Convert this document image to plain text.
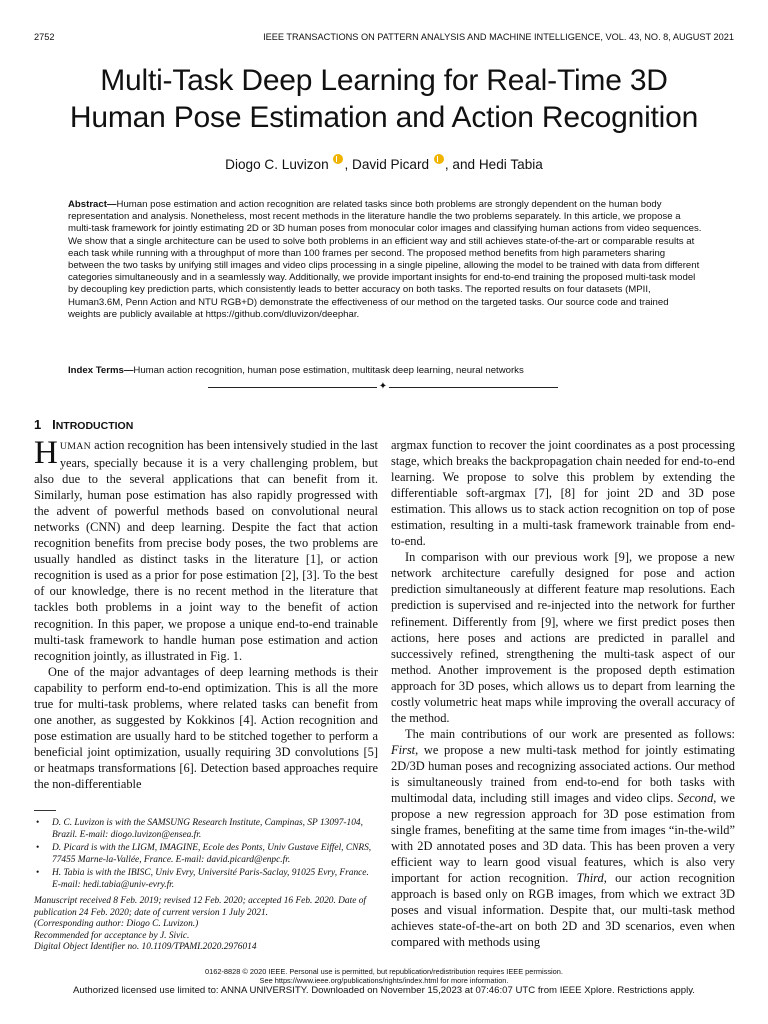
2752	IEEE TRANSACTIONS ON PATTERN ANALYSIS AND MACHINE INTELLIGENCE, VOL. 43, NO. 8, AUGUST 2021
Multi-Task Deep Learning for Real-Time 3D
Human Pose Estimation and Action Recognition
Diogo C. Luvizon , David Picard , and Hedi Tabia

Abstract—Human pose estimation and action recognition are related tasks since both problems are strongly dependent on the human body representation and analysis. Nonetheless, most recent methods in the literature handle the two problems separately. In this article, we propose a multi-task framework for jointly estimating 2D or 3D human poses from monocular color images and classifying human actions from video sequences. We show that a single architecture can be used to solve both problems in an efficient way and still achieves state-of-the-art or comparable results at each task while running with a throughput of more than 100 frames per second. The proposed method benefits from high parameters sharing between the two tasks by unifying still images and video clips processing in a single pipeline, allowing the model to be trained with data from different categories simultaneously and in a seamlessly way. Additionally, we provide important insights for end-to-end training the proposed multi-task model by decoupling key prediction parts, which consistently leads to better accuracy on both tasks. The reported results on four datasets (MPII, Human3.6M, Penn Action and NTU RGB+D) demonstrate the effectiveness of our method on the targeted tasks. Our source code and trained weights are publicly available at https://github.com/dluvizon/deephar.

Index Terms—Human action recognition, human pose estimation, multitask deep learning, neural networks

✦
1 INTRODUCTION

HUMAN action recognition has been intensively studied in the last years, specially because it is a very challenging problem, but also due to the several applications that can benefit from it. Similarly, human pose estimation has also rapidly progressed with the advent of powerful methods based on convolutional neural networks (CNN) and deep learning. Despite the fact that action recognition benefits from precise body poses, the two problems are usually handled as distinct tasks in the literature [1], or action recognition is used as a prior for pose estimation [2], [3]. To the best of our knowledge, there is no recent method in the literature that tackles both problems in a joint way to the benefit of action recognition. In this paper, we propose a unique end-to-end trainable multi-task framework to handle human pose estimation and action recognition jointly, as illustrated in Fig. 1.

One of the major advantages of deep learning methods is their capability to perform end-to-end optimization. This is all the more true for multi-task problems, where related tasks can benefit from one another, as suggested by Kokkinos [4]. Action recognition and pose estimation are usually hard to be stitched together to perform a beneficial joint optimization, usually requiring 3D convolutions [5] or heatmaps transformations [6]. Detection based approaches require the non-differentiable

argmax function to recover the joint coordinates as a post processing stage, which breaks the backpropagation chain needed for end-to-end learning. We propose to solve this problem by extending the differentiable soft-argmax [7], [8] for joint 2D and 3D pose estimation. This allows us to stack action recognition on top of pose estimation, resulting in a multi-task framework trainable from end-to-end.

In comparison with our previous work [9], we propose a new network architecture carefully designed for pose and action prediction simultaneously at different feature map resolutions. Each prediction is supervised and re-injected into the network for further refinement. Differently from [9], where we first predict poses then actions, here poses and actions are predicted in parallel and successively refined, strengthening the multi-task aspect of our method. Another improvement is the proposed depth estimation approach for 3D poses, which allows us to depart from learning the costly volumetric heat maps while improving the overall accuracy of the method.

The main contributions of our work are presented as follows: First, we propose a new multi-task method for jointly estimating 2D/3D human poses and recognizing associated actions. Our method is simultaneously trained from end-to-end for both tasks with multimodal data, including still images and video clips. Second, we propose a new regression approach for 3D pose estimation from single frames, benefiting at the same time from images “in-the-wild” with 2D annotated poses and 3D data. This has been proven a very efficient way to learn good visual features, which is also very important for action recognition. Third, our action recognition approach is based only on RGB images, from which we extract 3D poses and visual information. Despite that, our multi-task method achieves state-of-the-art on both 2D and 3D scenarios, even when compared with methods using

• D. C. Luvizon is with the SAMSUNG Research Institute, Campinas, SP 13097-104, Brazil. E-mail: diogo.luvizon@ensea.fr.
• D. Picard is with the LIGM, IMAGINE, Ecole des Ponts, Univ Gustave Eiffel, CNRS, 77455 Marne-la-Vallée, France. E-mail: david.picard@enpc.fr.
• H. Tabia is with the IBISC, Univ Evry, Université Paris-Saclay, 91025 Evry, France. E-mail: hedi.tabia@univ-evry.fr.
Manuscript received 8 Feb. 2019; revised 12 Feb. 2020; accepted 16 Feb. 2020. Date of publication 24 Feb. 2020; date of current version 1 July 2021.
(Corresponding author: Diogo C. Luvizon.)
Recommended for acceptance by J. Sivic.
Digital Object Identifier no. 10.1109/TPAMI.2020.2976014
0162-8828 © 2020 IEEE. Personal use is permitted, but republication/redistribution requires IEEE permission.
See https://www.ieee.org/publications/rights/index.html for more information.
Authorized licensed use limited to: ANNA UNIVERSITY. Downloaded on November 15,2023 at 07:46:07 UTC from IEEE Xplore. Restrictions apply.
